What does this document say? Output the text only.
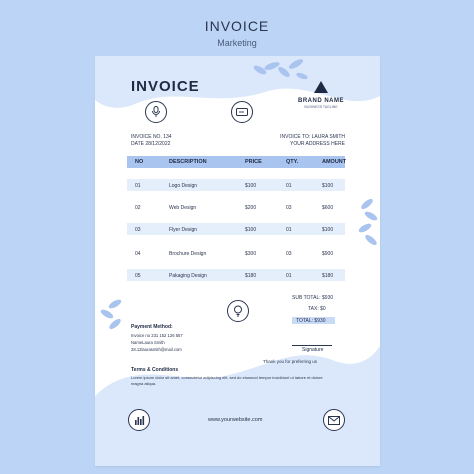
INVOICE
Marketing
INVOICE
BRAND NAME
BUSINESS TAGLINE
INVOICE NO. 134
DATE 28/12/2022
INVOICE TO: LAURA SMITH
YOUR ADDRESS HERE
NO	DESCRIPTION	PRICE	QTY.	AMOUNT
01	Logo Design	$100	01	$100
02	Web Design	$200	03	$600
03	Flyer Design	$100	01	$100
04	Brochure Design	$300	03	$900
05	Pakaging Design	$180	01	$180
SUB TOTAL: $930
TAX: $0
TOTAL: $930
Payment Method:
Invoice no 231 152 126 557
NameLaura Smith
28.12laurasmith@mail.com	Signature
Thank you for preferring us
Terms & Conditions
Lorem ipsum dolor sit amet, consectetur adipiscing elit, sed do eiusmod tempor incididunt ut labore et dolore magna aliqua.
www.yourwebsite.com
